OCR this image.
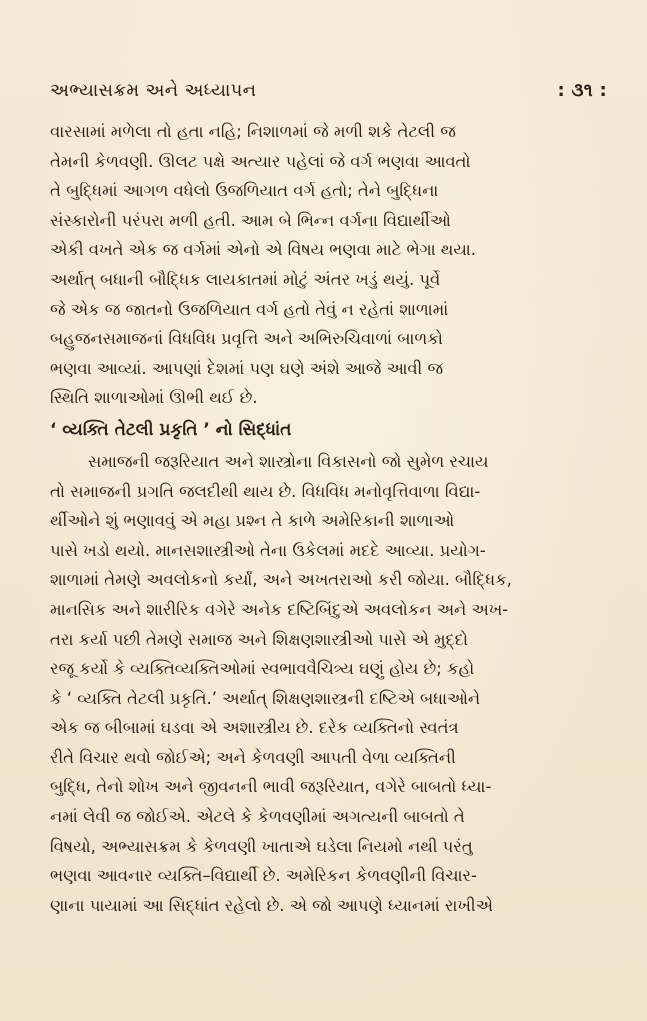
અભ્યાસક્રમ અને અધ્યાપન	: ૩૧ :
વારસામાં મળેલા તો હતા નહિ; નિશાળમાં જે મળી શકે તેટલી જ
તેમની કેળવણી. ઊલટ પક્ષે અત્યાર પહેલાં જે વર્ગ ભણવા આવતો
તે બુદ્ધિમાં આગળ વધેલો ઉજળિયાત વર્ગ હતો; તેને બુદ્ધિના
સંસ્કારોની પરંપરા મળી હતી. આમ બે ભિન્ન વર્ગના વિદ્યાર્થીઓ
એકી વખતે એક જ વર્ગમાં એનો એ વિષય ભણવા માટે ભેગા થયા.
અર્થાત્ બધાની બૌદ્ધિક લાયકાતમાં મોટું અંતર ખડું થયું. પૂર્વે
જે એક જ જાતનો ઉજળિયાત વર્ગ હતો તેવું ન રહેતાં શાળામાં
બહુજનસમાજનાં વિધવિધ પ્રવૃત્તિ અને અભિરુચિવાળાં બાળકો
ભણવા આવ્યાં. આપણાં દેશમાં પણ ઘણે અંશે આજે આવી જ
સ્થિતિ શાળાઓમાં ઊભી થઈ છે.
‘ વ્યક્તિ તેટલી પ્રકૃતિ ’ નો સિદ્ધાંત
સમાજની જરૂરિયાત અને શાસ્ત્રોના વિકાસનો જો સુમેળ રચાય
તો સમાજની પ્રગતિ જલદીથી થાય છે. વિધવિધ મનોવૃત્તિવાળા વિદ્યા-
ર્થીઓને શું ભણાવવું એ મહા પ્રશ્ન તે કાળે અમેરિકાની શાળાઓ
પાસે ખડો થયો. માનસશાસ્ત્રીઓ તેના ઉકેલમાં મદદે આવ્યા. પ્રયોગ-
શાળામાં તેમણે અવલોકનો કર્યાં, અને અખતરાઓ કરી જોયા. બૌદ્ધિક,
માનસિક અને શારીરિક વગેરે અનેક દષ્ટિબિંદુએ અવલોકન અને અખ-
તરા કર્યા પછી તેમણે સમાજ અને શિક્ષણશાસ્ત્રીઓ પાસે એ મુદ્દો
રજૂ કર્યો કે વ્યક્તિવ્યક્તિઓમાં સ્વભાવવૈચિત્ર્ય ઘણું હોય છે; કહો
કે ‘ વ્યક્તિ તેટલી પ્રકૃતિ.’ અર્થાત્ શિક્ષણશાસ્ત્રની દષ્ટિએ બધાઓને
એક જ બીબામાં ઘડવા એ અશાસ્ત્રીય છે. દરેક વ્યક્તિનો સ્વતંત્ર
રીતે વિચાર થવો જોઈએ; અને કેળવણી આપતી વેળા વ્યક્તિની
બુદ્ધિ, તેનો શોખ અને જીવનની ભાવી જરૂરિયાત, વગેરે બાબતો ધ્યા-
નમાં લેવી જ જોઈએ. એટલે કે કેળવણીમાં અગત્યની બાબતો તે
વિષયો, અભ્યાસક્રમ કે કેળવણી ખાતાએ ઘડેલા નિયમો નથી પરંતુ
ભણવા આવનાર વ્યક્તિ–વિદ્યાર્થી છે. અમેરિકન કેળવણીની વિચાર-
ણાના પાયામાં આ સિદ્ધાંત રહેલો છે. એ જો આપણે ધ્યાનમાં રાખીએ
